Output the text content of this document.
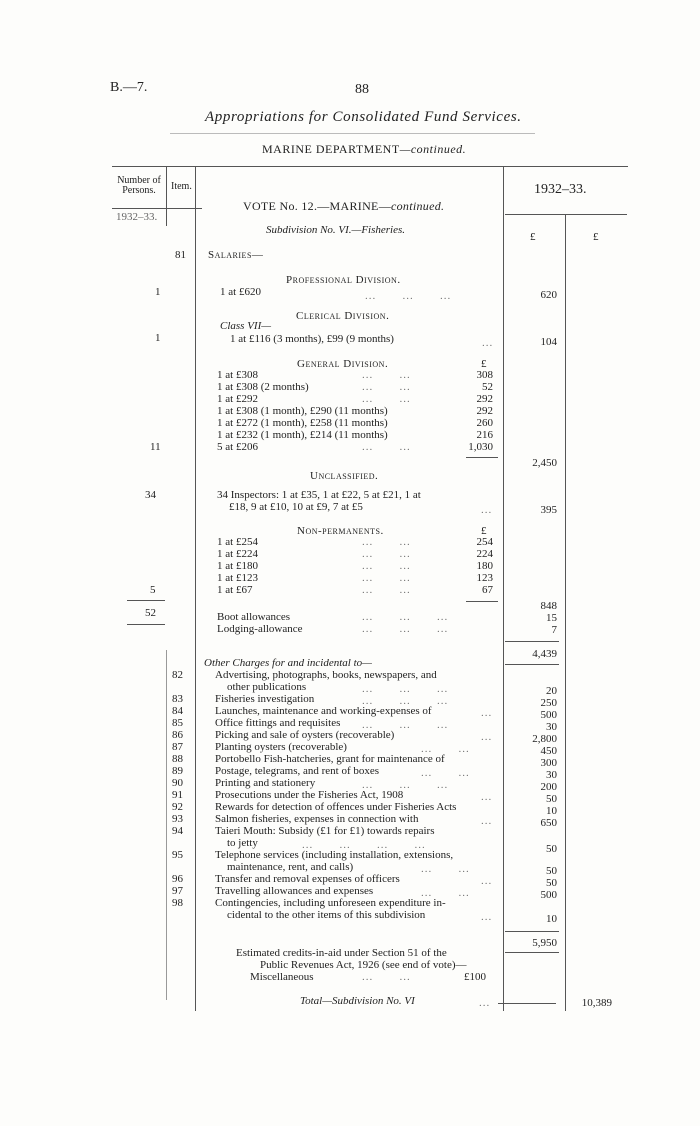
B.—7.	88
Appropriations for Consolidated Fund Services.
MARINE DEPARTMENT—continued.
Number of Persons.	Item.	1932–33.
1932–33.
£	£
VOTE No. 12.—MARINE—continued.
Subdivision No. VI.—Fisheries.
81 Salaries—
Professional Division.
1	1 at £620	...       ...       ...	620
Clerical Division.
Class VII—
1	1 at £116 (3 months), £99 (9 months)	...	104
General Division.	£
1 at £308	...       ...	308
1 at £308 (2 months)	...       ...	52
1 at £292	...       ...	292
1 at £308 (1 month), £290 (11 months)	292
1 at £272 (1 month), £258 (11 months)	260
1 at £232 (1 month), £214 (11 months)	216
11	5 at £206	...       ...	1,030
2,450
Unclassified.
34	34 Inspectors: 1 at £35, 1 at £22, 5 at £21, 1 at
£18, 9 at £10, 10 at £9, 7 at £5	...	395
Non-permanents.	£
1 at £254	...       ...	254
1 at £224	...       ...	224
1 at £180	...       ...	180
1 at £123	...       ...	123
5	1 at £67	...       ...	67
848
52	Boot allowances	...       ...       ...	15
Lodging-allowance	...       ...       ...	7
4,439
Other Charges for and incidental to—
82	Advertising, photographs, books, newspapers, and
other publications	...       ...       ...	20
83	Fisheries investigation	...       ...       ...	250
84	Launches, maintenance and working-expenses of	...	500
85	Office fittings and requisites ...       ...       ...	30
86	Picking and sale of oysters (recoverable)	...	2,800
87	Planting oysters (recoverable)	...       ...	450
88	Portobello Fish-hatcheries, grant for maintenance of	300
89	Postage, telegrams, and rent of boxes	...       ...	30
90	Printing and stationery	...       ...       ...	200
91	Prosecutions under the Fisheries Act, 1908	...	50
92	Rewards for detection of offences under Fisheries Acts	10
93	Salmon fisheries, expenses in connection with	...	650
94	Taieri Mouth: Subsidy (£1 for £1) towards repairs
to jetty	...       ...       ...       ...	50
95	Telephone services (including installation, extensions,
maintenance, rent, and calls)	...       ...	50
96	Transfer and removal expenses of officers	...	50
97	Travelling allowances and expenses	...       ...	500
98	Contingencies, including unforeseen expenditure in-
cidental to the other items of this subdivision	...	10
5,950
Estimated credits-in-aid under Section 51 of the
Public Revenues Act, 1926 (see end of vote)—
Miscellaneous	...       ...	£100
Total—Subdivision No. VI	...	10,389
